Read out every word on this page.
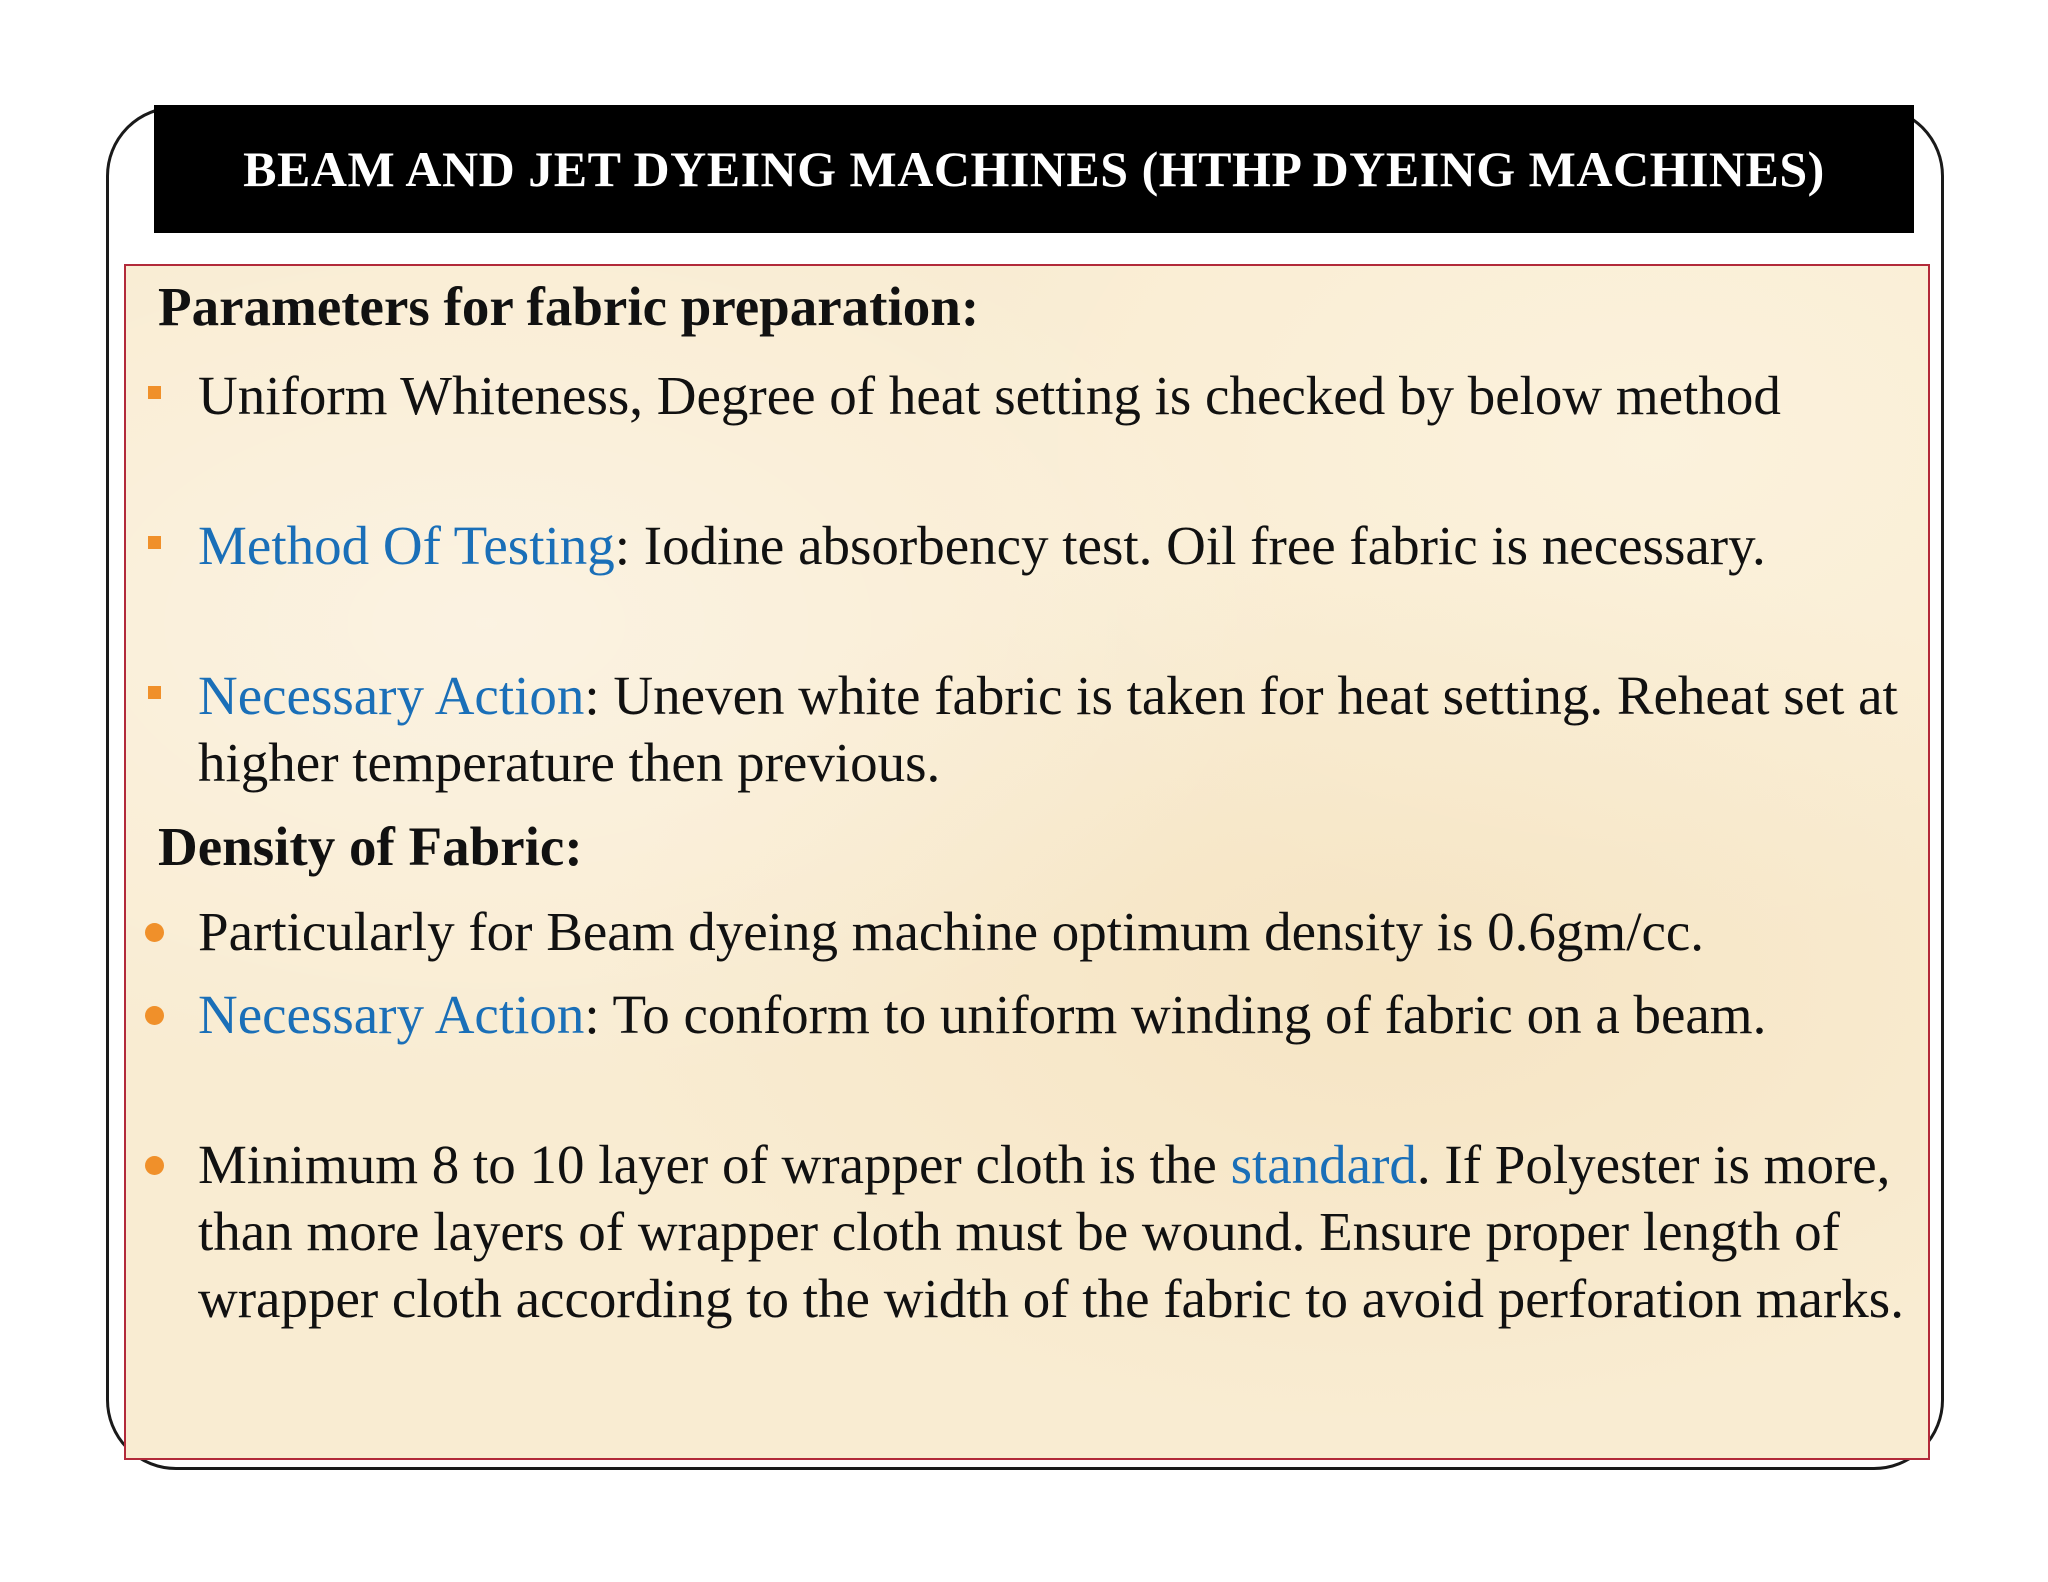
BEAM AND JET DYEING MACHINES (HTHP DYEING MACHINES)
Parameters for fabric preparation:
Uniform Whiteness, Degree of heat setting is checked by below method
Method Of Testing: Iodine absorbency test. Oil free fabric is necessary.
Necessary Action: Uneven white fabric is taken for heat setting. Reheat set at higher temperature then previous.
Density of Fabric:
Particularly for Beam dyeing machine optimum density is 0.6gm/cc.
Necessary Action: To conform to uniform winding of fabric on a beam.
Minimum 8 to 10 layer of wrapper cloth is the standard. If Polyester is more, than more layers of wrapper cloth must be wound. Ensure proper length of wrapper cloth according to the width of the fabric to avoid perforation marks.
